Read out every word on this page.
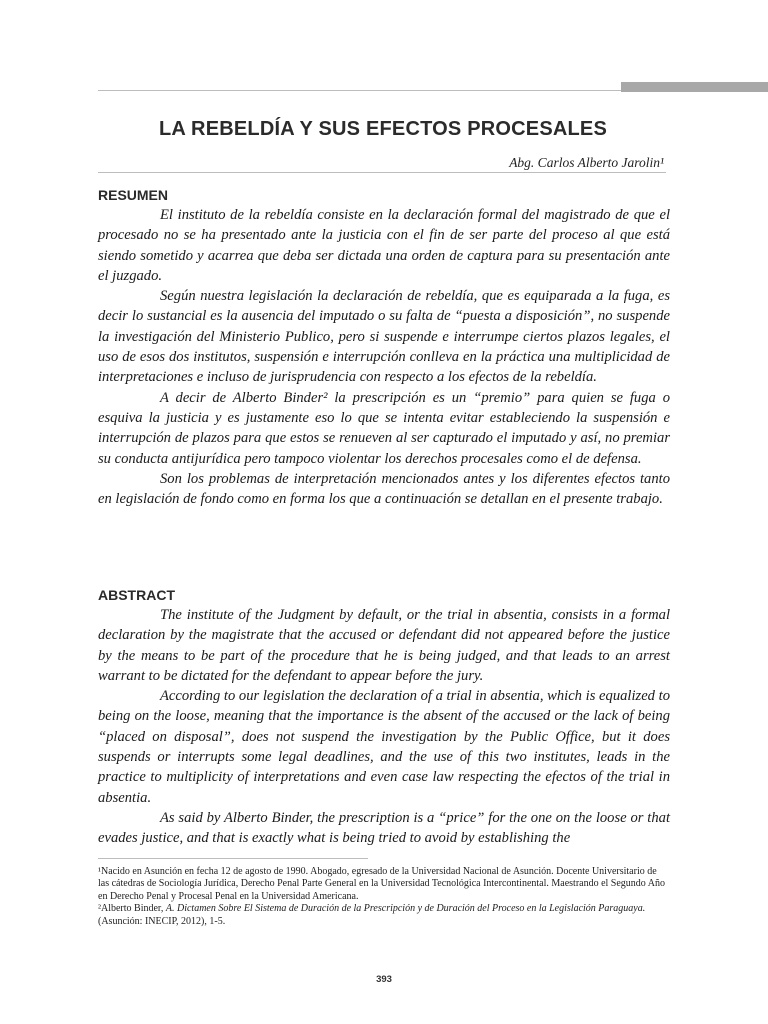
LA REBELDÍA Y SUS EFECTOS PROCESALES
Abg. Carlos Alberto Jarolin¹
RESUMEN

El instituto de la rebeldía consiste en la declaración formal del magistrado de que el procesado no se ha presentado ante la justicia con el fin de ser parte del proceso al que está siendo sometido y acarrea que deba ser dictada una orden de captura para su presentación ante el juzgado.

Según nuestra legislación la declaración de rebeldía, que es equiparada a la fuga, es decir lo sustancial es la ausencia del imputado o su falta de “puesta a disposición”, no suspende la investigación del Ministerio Publico, pero si suspende e interrumpe ciertos plazos legales, el uso de esos dos institutos, suspensión e interrupción conlleva en la práctica una multiplicidad de interpretaciones e incluso de jurisprudencia con respecto a los efectos de la rebeldía.

A decir de Alberto Binder² la prescripción es un “premio” para quien se fuga o esquiva la justicia y es justamente eso lo que se intenta evitar estableciendo la suspensión e interrupción de plazos para que estos se renueven al ser capturado el imputado y así, no premiar su conducta antijurídica pero tampoco violentar los derechos procesales como el de defensa.

Son los problemas de interpretación mencionados antes y los diferentes efectos tanto en legislación de fondo como en forma los que a continuación se detallan en el presente trabajo.

ABSTRACT

The institute of the Judgment by default, or the trial in absentia, consists in a formal declaration by the magistrate that the accused or defendant did not appeared before the justice by the means to be part of the procedure that he is being judged, and that leads to an arrest warrant to be dictated for the defendant to appear before the jury.

According to our legislation the declaration of a trial in absentia, which is equalized to being on the loose, meaning that the importance is the absent of the accused or the lack of being “placed on disposal”, does not suspend the investigation by the Public Office, but it does suspends or interrupts some legal deadlines, and the use of this two institutes, leads in the practice to multiplicity of interpretations and even case law respecting the efectos of the trial in absentia.

As said by Alberto Binder, the prescription is a “price” for the one on the loose or that evades justice, and that is exactly what is being tried to avoid by establishing the

¹Nacido en Asunción en fecha 12 de agosto de 1990. Abogado, egresado de la Universidad Nacional de Asunción. Docente Universitario de las cátedras de Sociología Jurídica, Derecho Penal Parte General en la Universidad Tecnológica Intercontinental. Maestrando el Segundo Año en Derecho Penal y Procesal Penal en la Universidad Americana.

²Alberto Binder, A. Dictamen Sobre El Sistema de Duración de la Prescripción y de Duración del Proceso en la Legislación Paraguaya. (Asunción: INECIP, 2012), 1-5.

393
